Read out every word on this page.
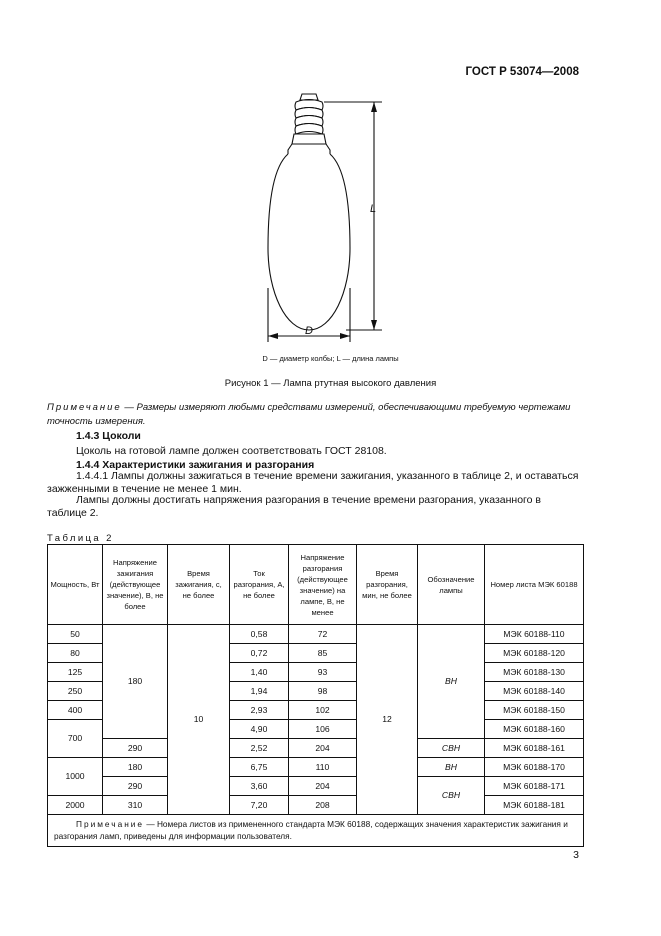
ГОСТ Р 53074—2008
L
D
D — диаметр колбы; L — длина лампы
Рисунок 1 — Лампа ртутная высокого давления
Примечание — Размеры измеряют любыми средствами измерений, обеспечивающими требуемую чертежами точность измерения.
1.4.3 Цоколи
Цоколь на готовой лампе должен соответствовать ГОСТ 28108.
1.4.4 Характеристики зажигания и разгорания
1.4.4.1 Лампы должны зажигаться в течение времени зажигания, указанного в таблице 2, и оставаться зажженными в течение не менее 1 мин.
Лампы должны достигать напряжения разгорания в течение времени разгорания, указанного в таблице 2.
Таблица 2
Мощность, Вт	Напряжение зажигания (действующее значение), В, не более	Время зажигания, с, не более	Ток разгорания, А, не более	Напряжение разгорания (действующее значение) на лампе, В, не менее	Время разгорания, мин, не более	Обозначение лампы	Номер листа МЭК 60188
50	180	10	0,58	72	12	ВН	МЭК 60188-110
80			0,72	85			МЭК 60188-120
125			1,40	93			МЭК 60188-130
250			1,94	98			МЭК 60188-140
400			2,93	102			МЭК 60188-150
700			4,90	106			МЭК 60188-160
	290		2,52	204		СВН	МЭК 60188-161
1000	180		6,75	110		ВН	МЭК 60188-170
	290		3,60	204		СВН	МЭК 60188-171
2000	310		7,20	208			МЭК 60188-181
Примечание — Номера листов из примененного стандарта МЭК 60188, содержащих значения характеристик зажигания и разгорания ламп, приведены для информации пользователя.							
3
